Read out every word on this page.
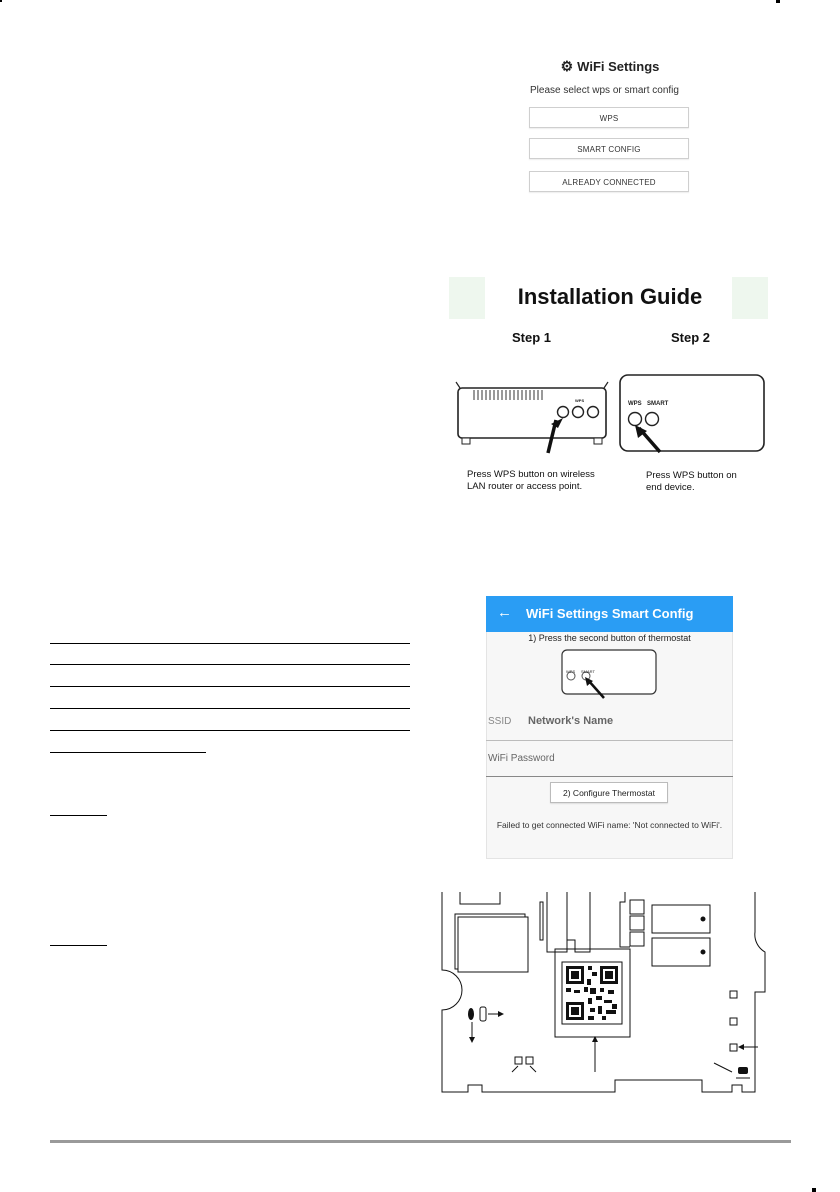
⚙ WiFi Settings
Please select wps or smart config
WPS
SMART CONFIG
ALREADY CONNECTED
Installation Guide
Step 1	Step 2
WPS
WPS SMART
Press WPS button on wireless
LAN router or access point.
Press WPS button on
end device.
← WiFi Settings Smart Config
1) Press the second button of thermostat
WPS SMART
SSID Network's Name
WiFi Password
2) Configure Thermostat
Failed to get connected WiFi name: 'Not connected to WiFi'.
